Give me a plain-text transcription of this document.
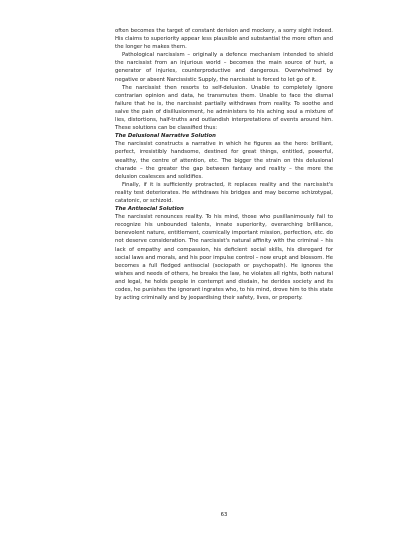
often becomes the target of constant derision and mockery, a sorry sight indeed. His claims to superiority appear less plausible and substantial the more often and the longer he makes them.

Pathological narcissism – originally a defence mechanism intended to shield the narcissist from an injurious world – becomes the main source of hurt, a generator of injuries, counterproductive and dangerous. Overwhelmed by negative or absent Narcissistic Supply, the narcissist is forced to let go of it.

The narcissist then resorts to self-delusion. Unable to completely ignore contrarian opinion and data, he transmutes them. Unable to face the dismal failure that he is, the narcissist partially withdraws from reality. To soothe and salve the pain of disillusionment, he administers to his aching soul a mixture of lies, distortions, half-truths and outlandish interpretations of events around him. These solutions can be classified thus:

The Delusional Narrative Solution

The narcissist constructs a narrative in which he figures as the hero: brilliant, perfect, irresistibly handsome, destined for great things, entitled, powerful, wealthy, the centre of attention, etc. The bigger the strain on this delusional charade – the greater the gap between fantasy and reality – the more the delusion coalesces and solidifies.

Finally, if it is sufficiently protracted, it replaces reality and the narcissist's reality test deteriorates. He withdraws his bridges and may become schizotypal, catatonic, or schizoid.

The Antisocial Solution

The narcissist renounces reality. To his mind, those who pusillanimously fail to recognize his unbounded talents, innate superiority, overarching brilliance, benevolent nature, entitlement, cosmically important mission, perfection, etc. do not deserve consideration. The narcissist's natural affinity with the criminal – his lack of empathy and compassion, his deficient social skills, his disregard for social laws and morals, and his poor impulse control – now erupt and blossom. He becomes a full fledged antisocial (sociopath or psychopath). He ignores the wishes and needs of others, he breaks the law, he violates all rights, both natural and legal, he holds people in contempt and disdain, he derides society and its codes, he punishes the ignorant ingrates who, to his mind, drove him to this state by acting criminally and by jeopardising their safety, lives, or property.

63
